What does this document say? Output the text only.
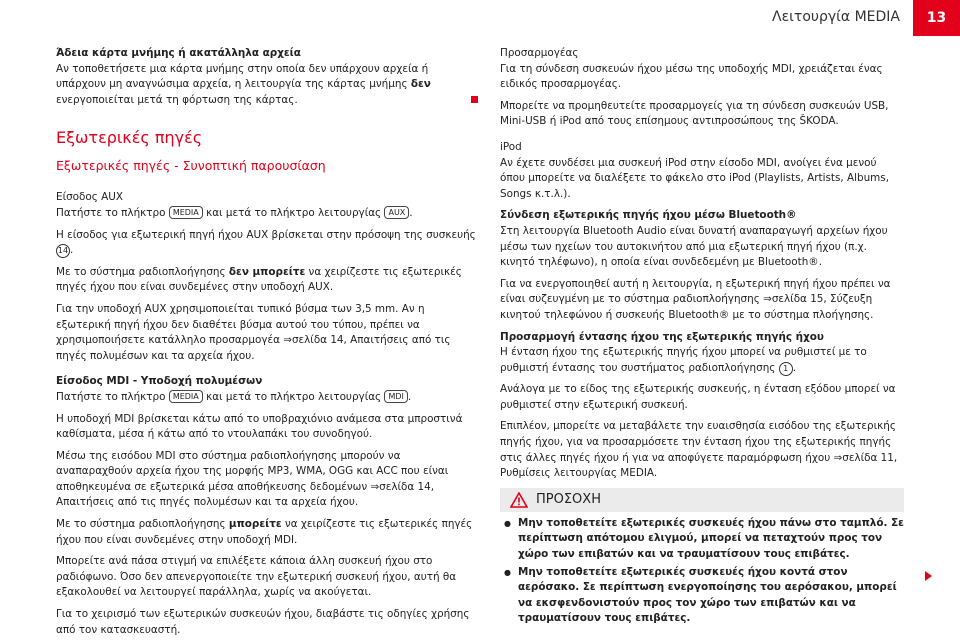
Λειτουργία MEDIA	13

Άδεια κάρτα μνήμης ή ακατάλληλα αρχεία

Αν τοποθετήσετε μια κάρτα μνήμης στην οποία δεν υπάρχουν αρχεία ή υπάρχουν μη αναγνώσιμα αρχεία, η λειτουργία της κάρτας μνήμης δεν ενεργοποιείται μετά τη φόρτωση της κάρτας.

Εξωτερικές πηγές
Εξωτερικές πηγές - Συνοπτική παρουσίαση

Είσοδος AUX

Πατήστε το πλήκτρο MEDIA και μετά το πλήκτρο λειτουργίας AUX .

Η είσοδος για εξωτερική πηγή ήχου AUX βρίσκεται στην πρόσοψη της συσκευής 14 .

Με το σύστημα ραδιοπλοήγησης δεν μπορείτε να χειρίζεστε τις εξωτερικές πηγές ήχου που είναι συνδεμένες στην υποδοχή AUX.

Για την υποδοχή AUX χρησιμοποιείται τυπικό βύσμα των 3,5 mm. Αν η εξωτερική πηγή ήχου δεν διαθέτει βύσμα αυτού του τύπου, πρέπει να χρησιμοποιήσετε κατάλληλο προσαρμογέα ⇒σελίδα 14, Απαιτήσεις από τις πηγές πολυμέσων και τα αρχεία ήχου.

Είσοδος MDI - Υποδοχή πολυμέσων

Πατήστε το πλήκτρο MEDIA και μετά το πλήκτρο λειτουργίας MDI .

Η υποδοχή MDI βρίσκεται κάτω από το υποβραχιόνιο ανάμεσα στα μπροστινά καθίσματα, μέσα ή κάτω από το ντουλαπάκι του συνοδηγού.

Μέσω της εισόδου MDI στο σύστημα ραδιοπλοήγησης μπορούν να αναπαραχθούν αρχεία ήχου της μορφής MP3, WMA, OGG και ACC που είναι αποθηκευμένα σε εξωτερικά μέσα αποθήκευσης δεδομένων ⇒σελίδα 14, Απαιτήσεις από τις πηγές πολυμέσων και τα αρχεία ήχου.

Με το σύστημα ραδιοπλοήγησης μπορείτε να χειρίζεστε τις εξωτερικές πηγές ήχου που είναι συνδεμένες στην υποδοχή MDI.

Μπορείτε ανά πάσα στιγμή να επιλέξετε κάποια άλλη συσκευή ήχου στο ραδιόφωνο. Όσο δεν απενεργοποιείτε την εξωτερική συσκευή ήχου, αυτή θα εξακολουθεί να λειτουργεί παράλληλα, χωρίς να ακούγεται.

Για το χειρισμό των εξωτερικών συσκευών ήχου, διαβάστε τις οδηγίες χρήσης από τον κατασκευαστή.

Προσαρμογέας

Για τη σύνδεση συσκευών ήχου μέσω της υποδοχής MDI, χρειάζεται ένας ειδικός προσαρμογέας.

Μπορείτε να προμηθευτείτε προσαρμογείς για τη σύνδεση συσκευών USB, Mini-USB ή iPod από τους επίσημους αντιπροσώπους της ŠKODA.

iPod

Αν έχετε συνδέσει μια συσκευή iPod στην είσοδο MDI, ανοίγει ένα μενού όπου μπορείτε να διαλέξετε το φάκελο στο iPod (Playlists, Artists, Albums, Songs κ.τ.λ.).

Σύνδεση εξωτερικής πηγής ήχου μέσω Bluetooth®

Στη λειτουργία Bluetooth Audio είναι δυνατή αναπαραγωγή αρχείων ήχου μέσω των ηχείων του αυτοκινήτου από μια εξωτερική πηγή ήχου (π.χ. κινητό τηλέφωνο), η οποία είναι συνδεδεμένη με Bluetooth®.

Για να ενεργοποιηθεί αυτή η λειτουργία, η εξωτερική πηγή ήχου πρέπει να είναι συζευγμένη με το σύστημα ραδιοπλοήγησης ⇒σελίδα 15, Σύζευξη κινητού τηλεφώνου ή συσκευής Bluetooth® με το σύστημα πλοήγησης.

Προσαρμογή έντασης ήχου της εξωτερικής πηγής ήχου

Η ένταση ήχου της εξωτερικής πηγής ήχου μπορεί να ρυθμιστεί με το ρυθμιστή έντασης του συστήματος ραδιοπλοήγησης 1 .

Ανάλογα με το είδος της εξωτερικής συσκευής, η ένταση εξόδου μπορεί να ρυθμιστεί στην εξωτερική συσκευή.

Επιπλέον, μπορείτε να μεταβάλετε την ευαισθησία εισόδου της εξωτερικής πηγής ήχου, για να προσαρμόσετε την ένταση ήχου της εξωτερικής πηγής στις άλλες πηγές ήχου ή για να αποφύγετε παραμόρφωση ήχου ⇒σελίδα 11, Ρυθμίσεις λειτουργίας MEDIA.

ΠΡΟΣΟΧΗ
● Μην τοποθετείτε εξωτερικές συσκευές ήχου πάνω στο ταμπλό. Σε περίπτωση απότομου ελιγμού, μπορεί να πεταχτούν προς τον χώρο των επιβατών και να τραυματίσουν τους επιβάτες.
● Μην τοποθετείτε εξωτερικές συσκευές ήχου κοντά στον αερόσακο. Σε περίπτωση ενεργοποίησης του αερόσακου, μπορεί να εκσφενδονιστούν προς τον χώρο των επιβατών και να τραυματίσουν τους επιβάτες.
